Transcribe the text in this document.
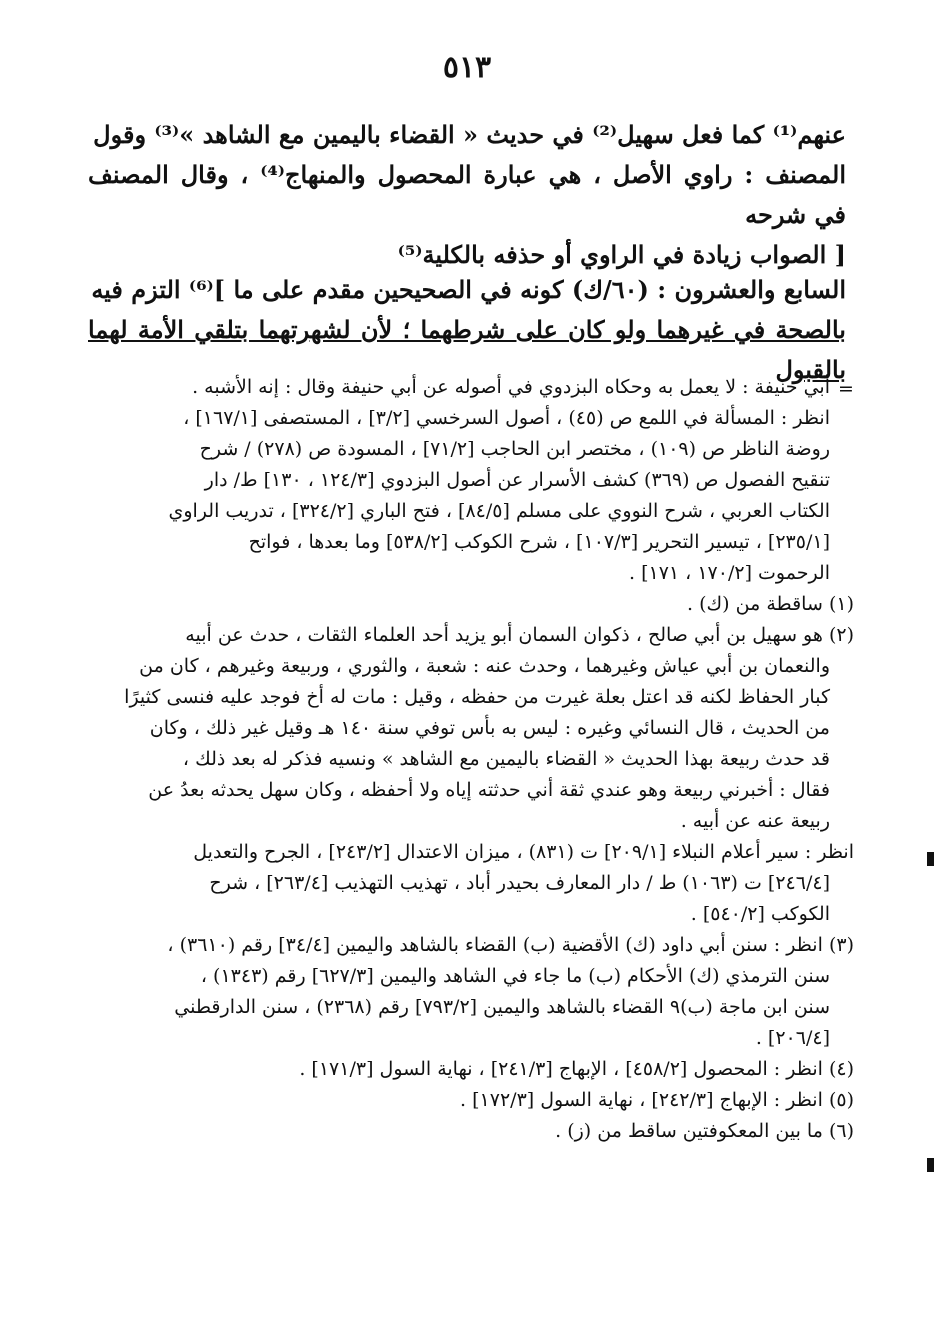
٥١٣

عنهم⁽¹⁾ كما فعل سهيل⁽²⁾ في حديث « القضاء باليمين مع الشاهد »⁽³⁾ وقول

المصنف : راوي الأصل ، هي عبارة المحصول والمنهاج⁽⁴⁾ ، وقال المصنف في شرحه

[ الصواب زيادة في الراوي أو حذفه بالكلية⁽⁵⁾

السابع والعشرون : (٦٠/ك) كونه في الصحيحين مقدم على ما ]⁽⁶⁾ التزم فيه

بالصحة في غيرهما ولو كان على شرطهما ؛ لأن لشهرتهما بتلقي الأمة لهما بالقبول

=

أبي حنيفة : لا يعمل به وحكاه البزدوي في أصوله عن أبي حنيفة وقال : إنه الأشبه .

انظر : المسألة في اللمع ص (٤٥) ، أصول السرخسي [٣/٢] ، المستصفى [١٦٧/١] ،

روضة الناظر ص (١٠٩) ، مختصر ابن الحاجب [٧١/٢] ، المسودة ص (٢٧٨) / شرح

تنقيح الفصول ص (٣٦٩) كشف الأسرار عن أصول البزدوي [١٢٤/٣ ، ١٣٠] ط/ دار

الكتاب العربي ، شرح النووي على مسلم [٨٤/٥] ، فتح الباري [٣٢٤/٢] ، تدريب الراوي

[٢٣٥/١] ، تيسير التحرير [١٠٧/٣] ، شرح الكوكب [٥٣٨/٢] وما بعدها ، فواتح

الرحموت [١٧٠/٢ ، ١٧١] .

(١) ساقطة من (ك) .

(٢) هو سهيل بن أبي صالح ، ذكوان السمان أبو يزيد أحد العلماء الثقات ، حدث عن أبيه

والنعمان بن أبي عياش وغيرهما ، وحدث عنه : شعبة ، والثوري ، وربيعة وغيرهم ، كان من

كبار الحفاظ لكنه قد اعتل بعلة غيرت من حفظه ، وقيل : مات له أخ فوجد عليه فنسى كثيرًا

من الحديث ، قال النسائي وغيره : ليس به بأس توفي سنة ١٤٠ هـ وقيل غير ذلك ، وكان

قد حدث ربيعة بهذا الحديث « القضاء باليمين مع الشاهد » ونسيه فذكر له بعد ذلك ،

فقال : أخبرني ربيعة وهو عندي ثقة أني حدثته إياه ولا أحفظه ، وكان سهل يحدثه بعدُ عن

ربيعة عنه عن أبيه .

انظر : سير أعلام النبلاء [٢٠٩/١] ت (٨٣١) ، ميزان الاعتدال [٢٤٣/٢] ، الجرح والتعديل

[٢٤٦/٤] ت (١٠٦٣) ط / دار المعارف بحيدر أباد ، تهذيب التهذيب [٢٦٣/٤] ، شرح

الكوكب [٥٤٠/٢] .

(٣) انظر : سنن أبي داود (ك) الأقضية (ب) القضاء بالشاهد واليمين [٣٤/٤] رقم (٣٦١٠) ،

سنن الترمذي (ك) الأحكام (ب) ما جاء في الشاهد واليمين [٦٢٧/٣] رقم (١٣٤٣) ،

سنن ابن ماجة (ب)٩ القضاء بالشاهد واليمين [٧٩٣/٢] رقم (٢٣٦٨) ، سنن الدارقطني

[٢٠٦/٤] .

(٤) انظر : المحصول [٤٥٨/٢] ، الإبهاج [٢٤١/٣] ، نهاية السول [١٧١/٣] .

(٥) انظر : الإبهاج [٢٤٢/٣] ، نهاية السول [١٧٢/٣] .

(٦) ما بين المعكوفتين ساقط من (ز) .
